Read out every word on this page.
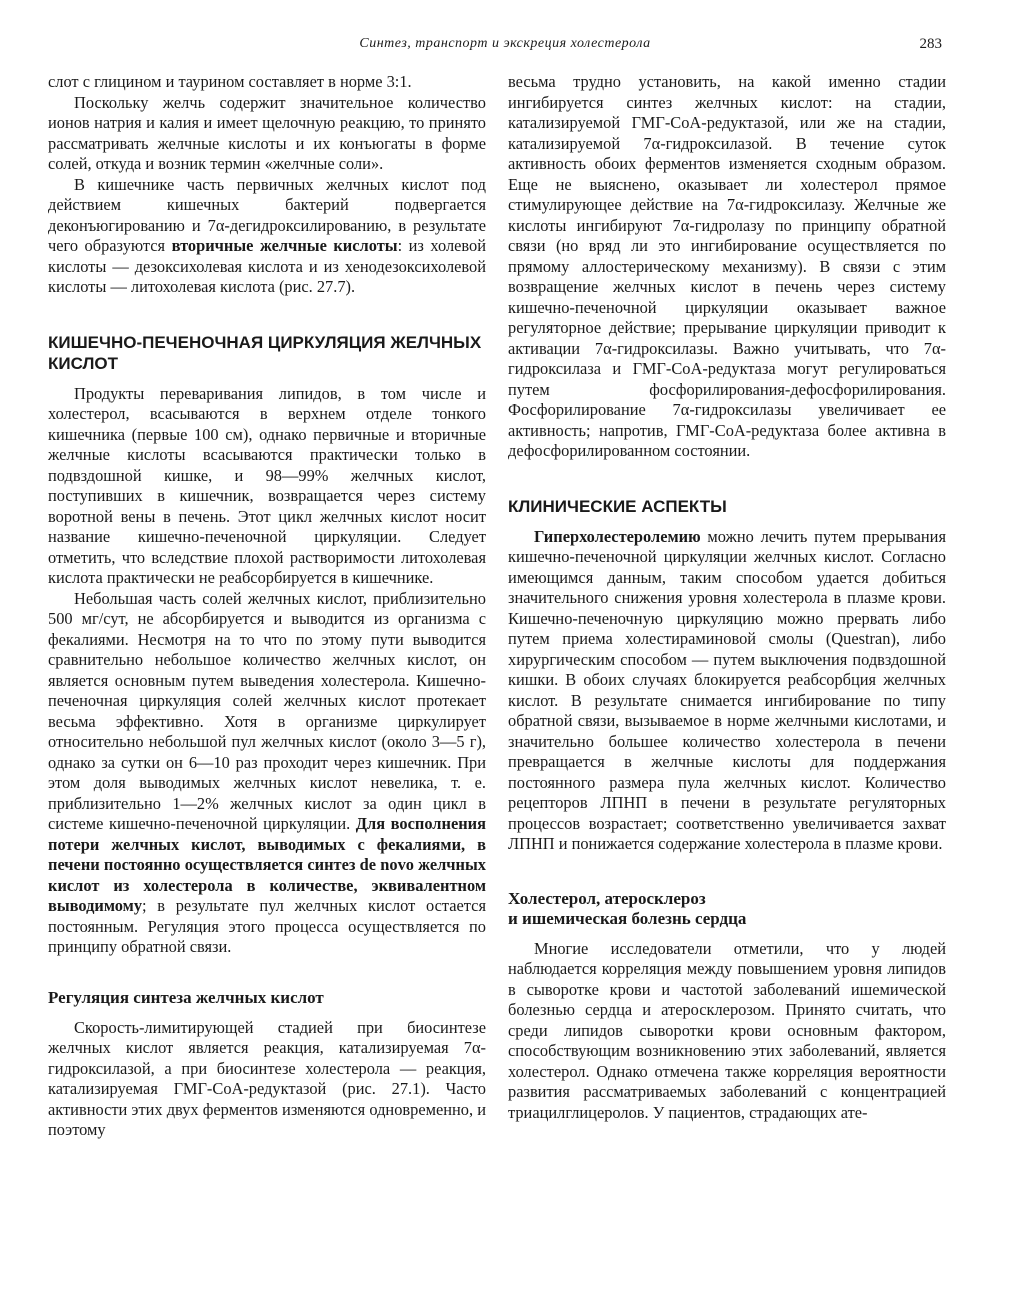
Синтез, транспорт и экскреция холестерола	283

слот с глицином и таурином составляет в норме 3:1.

Поскольку желчь содержит значительное количество ионов натрия и калия и имеет щелочную реакцию, то принято рассматривать желчные кислоты и их конъюгаты в форме солей, откуда и возник термин «желчные соли».

В кишечнике часть первичных желчных кислот под действием кишечных бактерий подвергается деконъюгированию и 7α-дегидроксилированию, в результате чего образуются вторичные желчные кислоты: из холевой кислоты — дезоксихолевая кислота и из хенодезоксихолевой кислоты — литохолевая кислота (рис. 27.7).

КИШЕЧНО-ПЕЧЕНОЧНАЯ ЦИРКУЛЯЦИЯ ЖЕЛЧНЫХ КИСЛОТ

Продукты переваривания липидов, в том числе и холестерол, всасываются в верхнем отделе тонкого кишечника (первые 100 см), однако первичные и вторичные желчные кислоты всасываются практически только в подвздошной кишке, и 98—99% желчных кислот, поступивших в кишечник, возвращается через систему воротной вены в печень. Этот цикл желчных кислот носит название кишечно-печеночной циркуляции. Следует отметить, что вследствие плохой растворимости литохолевая кислота практически не реабсорбируется в кишечнике.

Небольшая часть солей желчных кислот, приблизительно 500 мг/сут, не абсорбируется и выводится из организма с фекалиями. Несмотря на то что по этому пути выводится сравнительно небольшое количество желчных кислот, он является основным путем выведения холестерола. Кишечно-печеночная циркуляция солей желчных кислот протекает весьма эффективно. Хотя в организме циркулирует относительно небольшой пул желчных кислот (около 3—5 г), однако за сутки он 6—10 раз проходит через кишечник. При этом доля выводимых желчных кислот невелика, т. е. приблизительно 1—2% желчных кислот за один цикл в системе кишечно-печеночной циркуляции. Для восполнения потери желчных кислот, выводимых с фекалиями, в печени постоянно осуществляется синтез de novo желчных кислот из холестерола в количестве, эквивалентном выводимому; в результате пул желчных кислот остается постоянным. Регуляция этого процесса осуществляется по принципу обратной связи.

Регуляция синтеза желчных кислот

Скорость-лимитирующей стадией при биосинтезе желчных кислот является реакция, катализируемая 7α-гидроксилазой, а при биосинтезе холестерола — реакция, катализируемая ГМГ-СоА-редуктазой (рис. 27.1). Часто активности этих двух ферментов изменяются одновременно, и поэтому

весьма трудно установить, на какой именно стадии ингибируется синтез желчных кислот: на стадии, катализируемой ГМГ-СоА-редуктазой, или же на стадии, катализируемой 7α-гидроксилазой. В течение суток активность обоих ферментов изменяется сходным образом. Еще не выяснено, оказывает ли холестерол прямое стимулирующее действие на 7α-гидроксилазу. Желчные же кислоты ингибируют 7α-гидролазу по принципу обратной связи (но вряд ли это ингибирование осуществляется по прямому аллостерическому механизму). В связи с этим возвращение желчных кислот в печень через систему кишечно-печеночной циркуляции оказывает важное регуляторное действие; прерывание циркуляции приводит к активации 7α-гидроксилазы. Важно учитывать, что 7α-гидроксилаза и ГМГ-СоА-редуктаза могут регулироваться путем фосфорилирования-дефосфорилирования. Фосфорилирование 7α-гидроксилазы увеличивает ее активность; напротив, ГМГ-СоА-редуктаза более активна в дефосфорилированном состоянии.

КЛИНИЧЕСКИЕ АСПЕКТЫ

Гиперхолестеролемию можно лечить путем прерывания кишечно-печеночной циркуляции желчных кислот. Согласно имеющимся данным, таким способом удается добиться значительного снижения уровня холестерола в плазме крови. Кишечно-печеночную циркуляцию можно прервать либо путем приема холестираминовой смолы (Questran), либо хирургическим способом — путем выключения подвздошной кишки. В обоих случаях блокируется реабсорбция желчных кислот. В результате снимается ингибирование по типу обратной связи, вызываемое в норме желчными кислотами, и значительно большее количество холестерола в печени превращается в желчные кислоты для поддержания постоянного размера пула желчных кислот. Количество рецепторов ЛПНП в печени в результате регуляторных процессов возрастает; соответственно увеличивается захват ЛПНП и понижается содержание холестерола в плазме крови.

Холестерол, атеросклероз
и ишемическая болезнь сердца

Многие исследователи отметили, что у людей наблюдается корреляция между повышением уровня липидов в сыворотке крови и частотой заболеваний ишемической болезнью сердца и атеросклерозом. Принято считать, что среди липидов сыворотки крови основным фактором, способствующим возникновению этих заболеваний, является холестерол. Однако отмечена также корреляция вероятности развития рассматриваемых заболеваний с концентрацией триацилглицеролов. У пациентов, страдающих ате-
